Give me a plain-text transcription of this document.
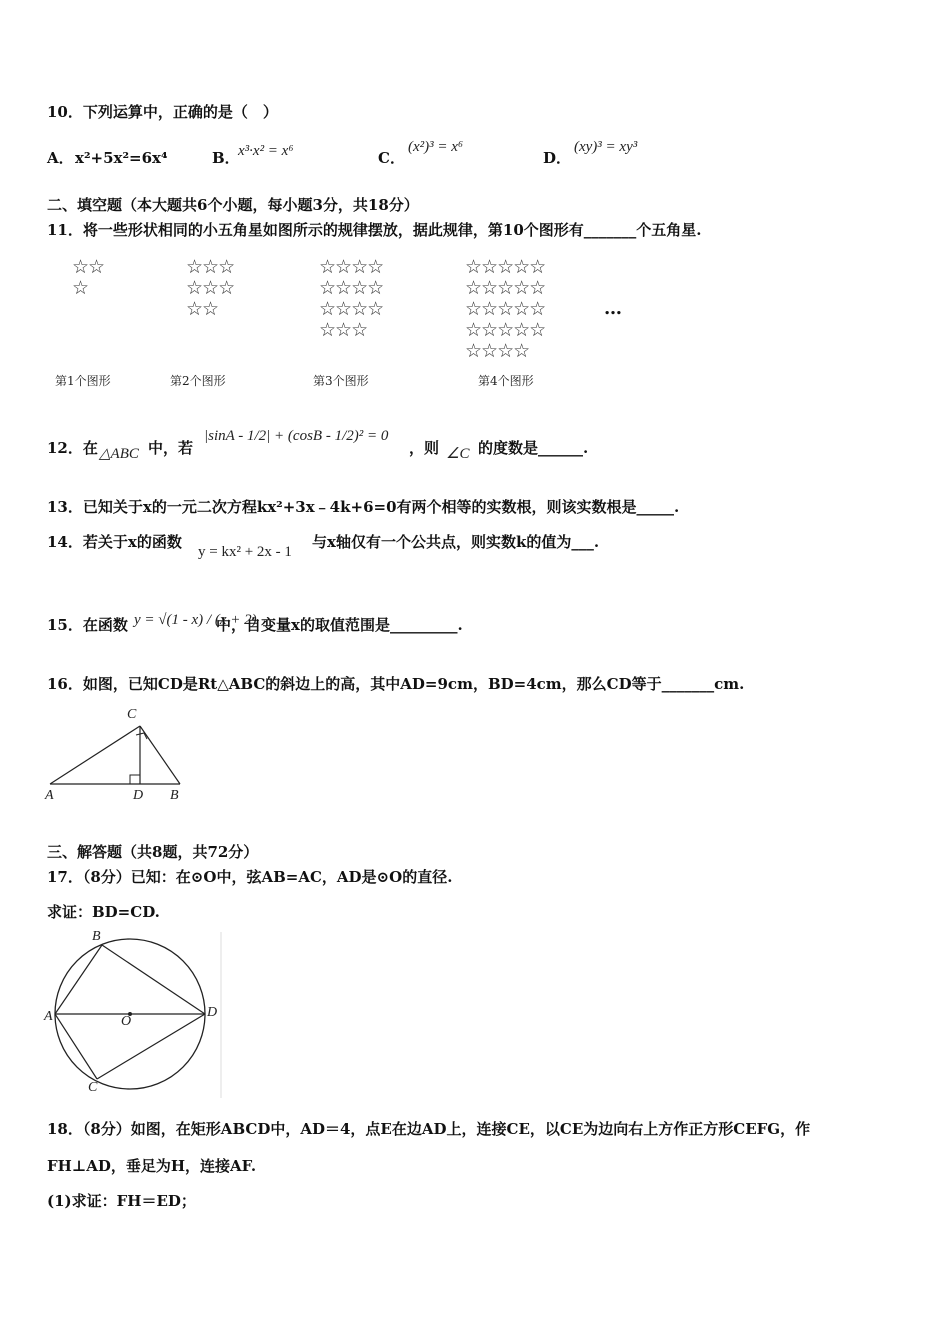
10．下列运算中，正确的是（　）
A． x²+5x²=6x⁴	B．
x³·x² = x⁶	C．
(x²)³ = x⁶
D．
(xy)³ = xy³
二、填空题（本大题共6个小题，每小题3分，共18分）
11．将一些形状相同的小五角星如图所示的规律摆放，据此规律，第10个图形有_______个五角星.
☆☆
☆
☆☆☆
☆☆☆
☆☆
☆☆☆☆
☆☆☆☆
☆☆☆☆
☆☆☆
☆☆☆☆☆
☆☆☆☆☆
☆☆☆☆☆
☆☆☆☆☆
☆☆☆☆
…
第1个图形	第2个图形	第3个图形	第4个图形
12．在 △ABC 中，若
|sinA - 1/2| + (cosB - 1/2)² = 0
，则 ∠C 的度数是______.
13．已知关于x的一元二次方程kx²+3x﹣4k+6=0有两个相等的实数根，则该实数根是_____.
14．若关于x的函数
y = kx² + 2x - 1
与x轴仅有一个公共点，则实数k的值为___.
15．在函数 y = √(1 - x) / (x + 2)
中，自变量x的取值范围是_________.
16．如图，已知CD是Rt△ABC的斜边上的高，其中AD=9cm，BD=4cm，那么CD等于_______cm.
C
A	D B
三、解答题（共8题，共72分）
17．（8分）已知：在⊙O中，弦AB=AC，AD是⊙O的直径.
求证：BD=CD.
B
A	O
D
C
18．（8分）如图，在矩形ABCD中，AD＝4，点E在边AD上，连接CE，以CE为边向右上方作正方形CEFG，作
FH⊥AD，垂足为H，连接AF.
(1)求证：FH＝ED；
